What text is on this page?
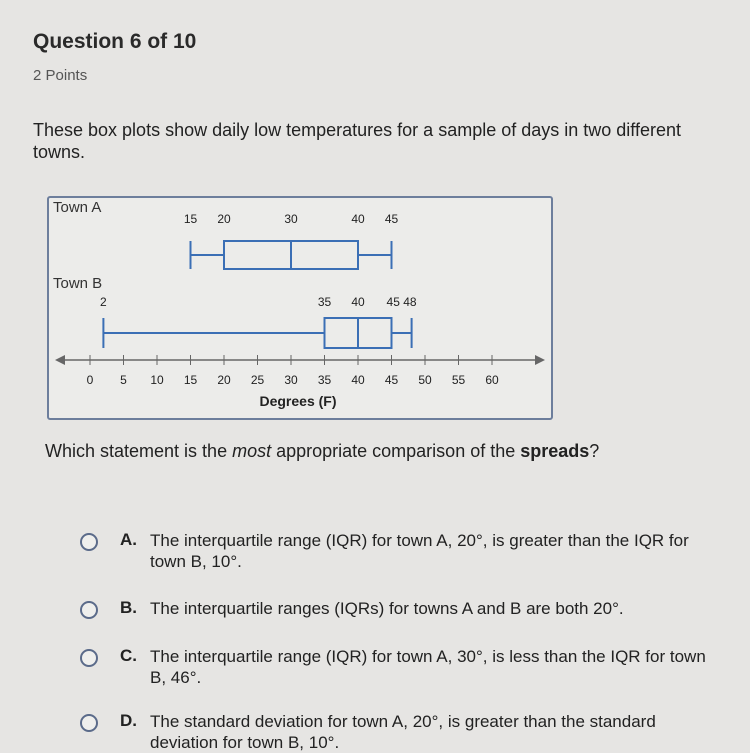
Question 6 of 10
2 Points
These box plots show daily low temperatures for a sample of days in two different towns.
Town A
15 20	30	40 45
Town B
2	35 40 45 48
0 5 10 15 20 25 30 35 40 45 50 55 60
Degrees (F)
Which statement is the most appropriate comparison of the spreads?
A. The interquartile range (IQR) for town A, 20°, is greater than the IQR for town B, 10°.
B. The interquartile ranges (IQRs) for towns A and B are both 20°.
C. The interquartile range (IQR) for town A, 30°, is less than the IQR for town B, 46°.
D. The standard deviation for town A, 20°, is greater than the standard deviation for town B, 10°.
